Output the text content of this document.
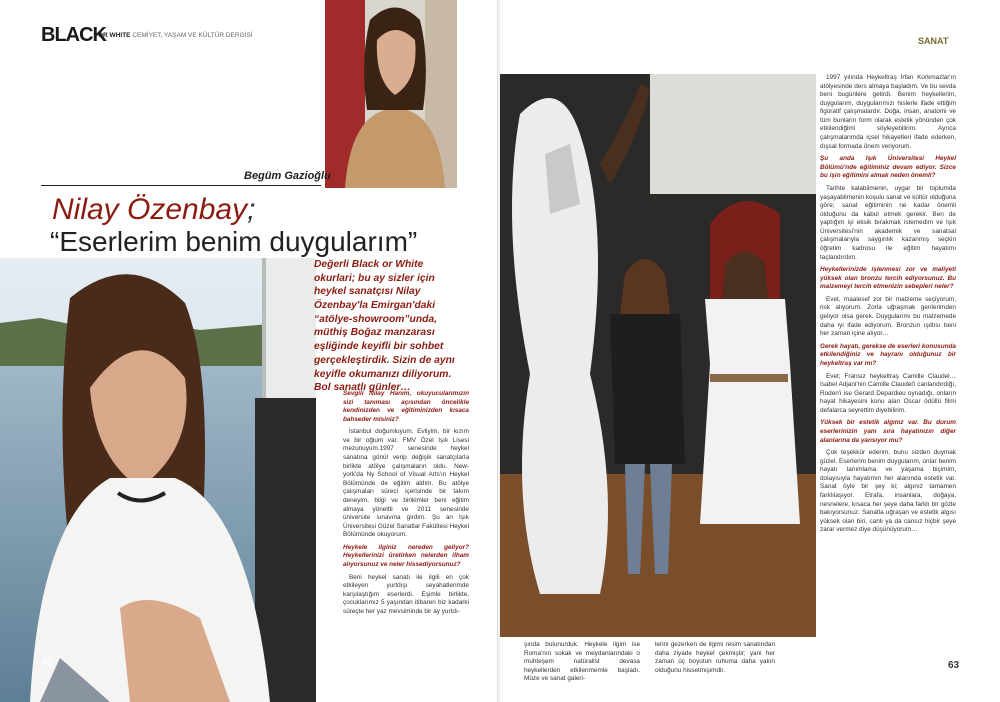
BLACK
OR WHITE CEMİYET, YAŞAM VE KÜLTÜR DERGİSİ
Begüm Gazioğlu
Nilay Özenbay;
“Eserlerim benim duygularım”
Değerli Black or White okurlari; bu ay sizler için heykel sanatçısı Nilay Özenbay'la Emirgan'daki “atölye-showroom”unda, müthiş Boğaz manzarası eşliğinde keyifli bir sohbet gerçekleştirdik. Sizin de aynı keyifle okumanızı diliyorum. Bol sanatlı günler…

Sevgili Nilay Hanım, okuyucularımızın sizi tanıması açısından öncelikle kendinizden ve eğitiminizden kısaca bahseder misiniz?

İstanbul doğumluyum. Evliyim, bir kızım ve bir oğlum var. FMV Özel Işık Lisesi mezunuyum.1997 senesinde heykel sanatına gönül verip değişik sanatçılarla birlikte atölye çalışmaların oldu. New-york'da Ny School of Visual Arts'ın Heykel Bölümünde de eğitim aldım. Bu atölye çalışmaları süreci içerisinde bir takım deneyim, bilgi ve birikimler beni eğitim almaya yöneltti ve 2011 senesinde üniversite sınavına girdim. Şu an Işık Üniversitesi Güzel Sanatlar Fakültesi Heykel Bölümünde okuyorum.

Heykele ilginiz nereden geliyor? Heykellerinizi üretirken nelerden ilham alıyorsunuz ve neler hissediyorsunuz?

Beni heykel sanatı ile ilgili en çok etkileyen yurtdışı seyahatlerimde karşılaştığım eserlerdi. Eşimle birlikte, çocuklarımız 5 yaşından itibaren biz kadarki süreçte her yaz mevsiminde bir ay yurtdı-

62
SANAT

şında bulunurduk. Heykele ilgim ise Roma'nın sokak ve meydanlarındaki o muhteşem natüralist devasa heykellerden etkilenmemle başladı. Müze ve sanat galeri-

lerini gezerken de ilgimi resim sanatından daha ziyade heykel çekmiştir; yani her zaman üç boyutun ruhuma daha yakın olduğunu hissetmişimdir.

1997 yılında Heykeltraş İrfan Korkmazlar'ın atölyesinde ders almaya başladım. Ve bu sevda beni bugünlere getirdi. Benim heykellerim, duygularım, duygularımızı hislerle ifade ettiğim figüratif çalışmalardır. Doğa, insan, anatomi ve tüm bunların form olarak estetik yönünden çok etkilendiğimi söyleyebilirim. Ayrıca çalışmalarımda içsel hikayetleri ifade ederken, dışsal formada önem veriyorum.

Şu anda Işık Üniversitesi Heykel Bölümü'nde eğitiminiz devam ediyor. Sizce bu işin eğitimini almak neden önemli?

Tarihte kalabilmenin, uygar bir toplumda yaşayabilmenin koşulu sanat ve kültür olduğuna göre; sanat eğitiminin ne kadar önemli olduğunu da kabul etmek gerekir. Ben de yaptığım işi eksik bırakmak istemedim ve Işık Üniversitesi'nin akademik ve sanatsal çalışmalarıyla saygınlık kazanmış seçkin öğretim kadrosu ile eğitim hayatımı taçlandırdım.

Heykellerinizde işlenmesi zor ve maliyeti yüksek olan bronzu tercih ediyorsunuz. Bu malzemeyi tercih etmenizin sebepleri neler?

Evet, maalesef zor bir malzeme seçiyorum, risk alıyorum. Zorla uğraşmak genlerimden geliyor olsa gerek. Duygularımı bu malzemede daha iyi ifade ediyorum. Bronzun ışıltısı beni her zaman içine alıyor…

Gerek hayatı, gerekse de eserleri konusunda etkilendiğiniz ve hayranı olduğunuz bir heykeltraş var mı?

Evet; Fransız heykeltraş Camille Claudel… Isabel Adjani'nin Camille Claudel'i canlandırdığı, Roden'i ise Gerard Depardieu oynadığı, onların hayat hikayesini konu alan Oscar ödüllü filmi defalarca seyrettim diyebilirim.

Yüksek bir estetik algınız var. Bu durum eserlerinizin yanı sıra hayatınızın diğer alanlarına da yansıyor mu?

Çok teşekkür ederim, bunu sizden duymak güzel. Eserlerim benim duygularım, onlar benim hayatı tanımlama ve yaşama biçimim, dolayısıyla hayatımın her alanında estetik var. Sanat öyle bir şey ki; algınız tamamen farklılaşıyor. Etrafa, insanlara, doğaya, nesnelere, kısaca her şeye daha farklı bir gözle bakıyorsunuz. Sanatla uğraşan ve estetik algısı yüksek olan biri, canlı ya da cansız hiçbir şeye zarar vermez diye düşünüyorum…

63
